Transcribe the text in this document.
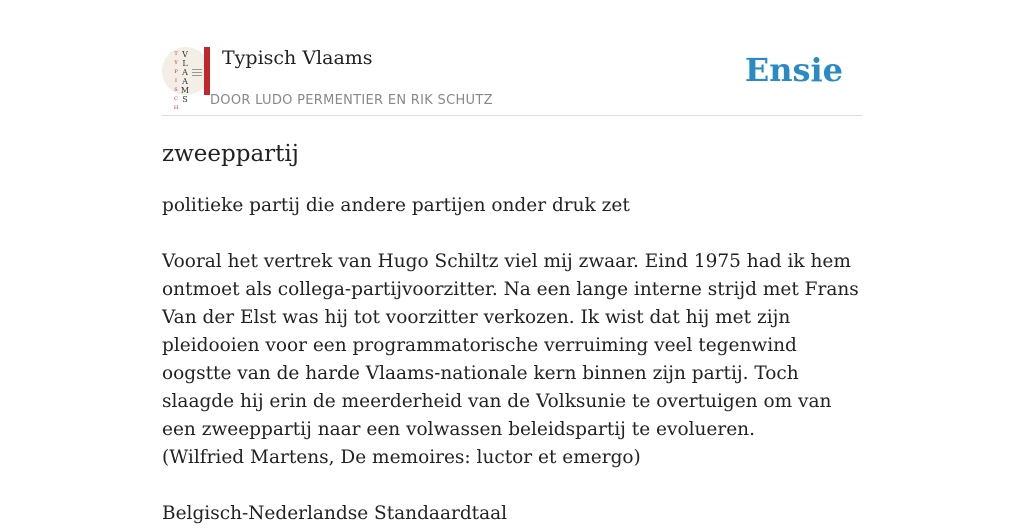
T
Y
P
I
S
C
H
V
L
A
A
M
S
Typisch Vlaams
DOOR LUDO PERMENTIER EN RIK SCHUTZ
Ensie
zweeppartij

politieke partij die andere partijen onder druk zet

Vooral het vertrek van Hugo Schiltz viel mij zwaar. Eind 1975 had ik hem ontmoet als collega-partijvoorzitter. Na een lange interne strijd met Frans Van der Elst was hij tot voorzitter verkozen. Ik wist dat hij met zijn pleidooien voor een programmatorische verruiming veel tegenwind oogstte van de harde Vlaams-nationale kern binnen zijn partij. Toch slaagde hij erin de meerderheid van de Volksunie te overtuigen om van een zweeppartij naar een volwassen beleidspartij te evolueren.

(Wilfried Martens, De memoires: luctor et emergo)

Belgisch-Nederlandse Standaardtaal
